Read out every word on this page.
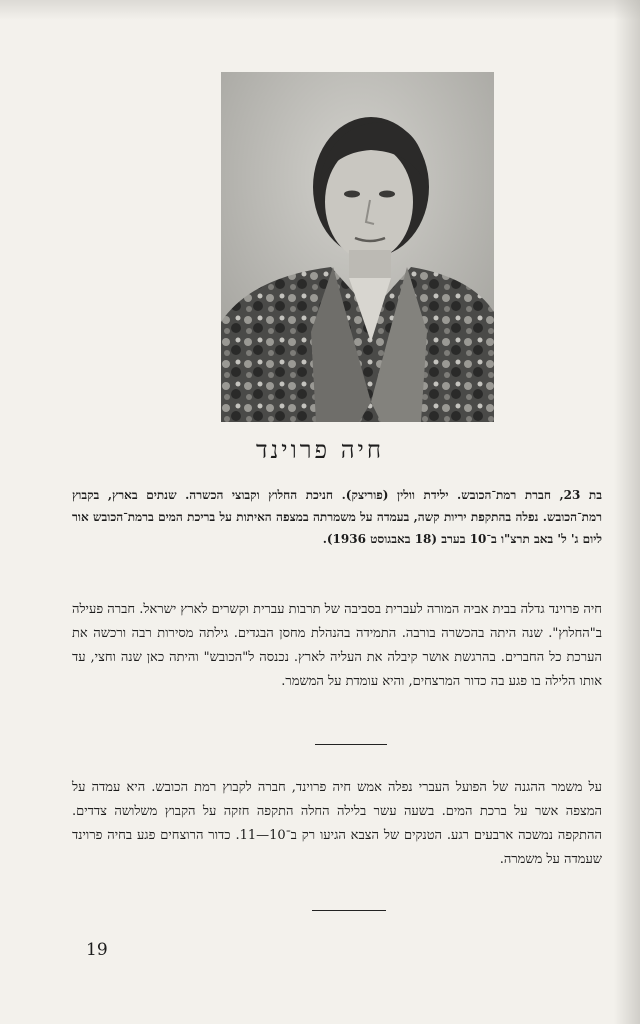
חיה פרוינד
בת 23, חברת רמת־הכובש. ילידת וולין (פוריצק). חניכת החלוץ וקבוצי הכשרה. שנתים בארץ, בקבוץ רמת־הכובש. נפלה בהתקפת יריות קשה, בעמדה על משמרתה במצפה האיתות על בריכת המים ברמת־הכובש אור ליום ג' ל' באב תרצ"ו ב־10 בערב (18 באבגוסט 1936).
חיה פרוינד גדלה בבית אביה המורה לעברית בסביבה של תרבות עברית וקשרים לארץ ישראל. חברה פעילה ב"החלוץ". שנה היתה בהכשרה בורבה. התמידה בהנהלת מחסן הבגדים. גילתה מסירות רבה ורכשה את הערכת כל החברים. בהרגשת אושר קיבלה את העליה לארץ. נכנסה ל"הכובש" והיתה כאן שנה וחצי, עד אותו הלילה בו פגע בה כדור המרצחים, והיא עומדת על המשמר.
על משמר ההגנה של הפועל העברי נפלה אמש חיה פרוינד, חברה לקבוץ רמת הכובש. היא עמדה על המצפה אשר על ברכת המים. בשעה עשר בלילה החלה התקפה חזקה על הקבוץ משלושה צדדים. ההתקפה נמשכה ארבעים רגע. הטנקים של הצבא הגיעו רק ב־10—11. כדור הרוצחים פגע בחיה פרוינד שעמדה על משמרה.
19
